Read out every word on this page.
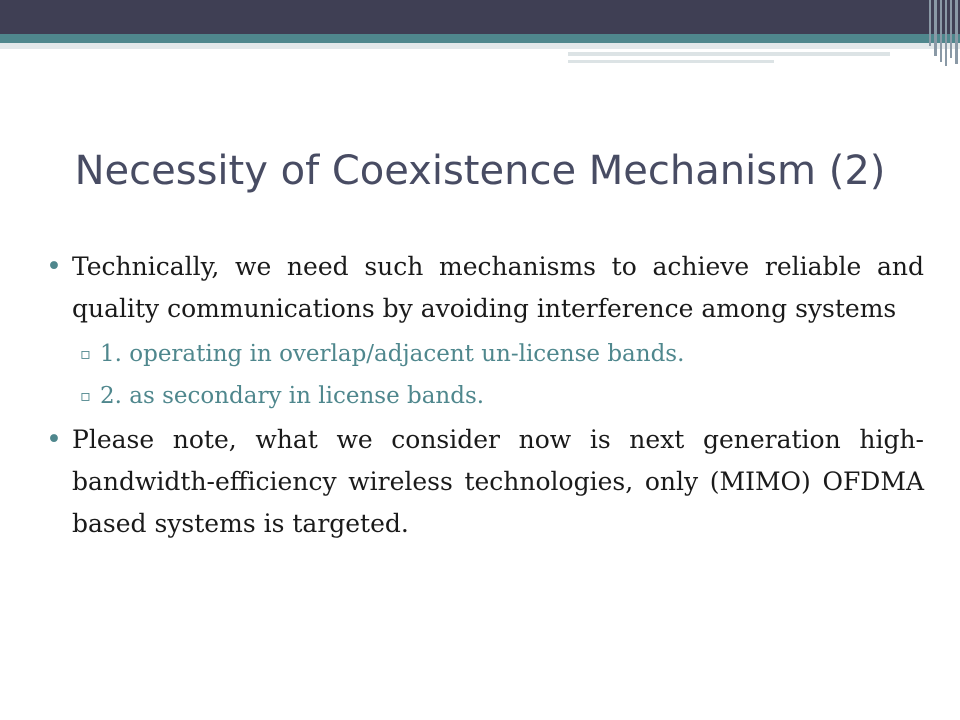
Necessity of Coexistence Mechanism (2)
• Technically, we need such mechanisms to achieve reliable and quality communications by avoiding interference among systems
▫ 1. operating in overlap/adjacent un-license bands.
▫ 2. as secondary in license bands.
• Please note, what we consider now is next generation high-bandwidth-efficiency wireless technologies, only (MIMO) OFDMA based systems is targeted.
